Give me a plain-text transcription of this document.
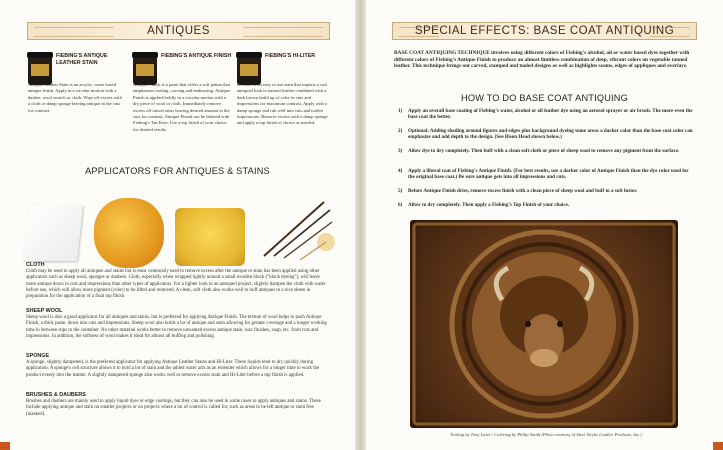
ANTIQUES
FIEBING'S ANTIQUE LEATHER STAIN
Antique Leather Stain is an acrylic, water based antique finish. Apply in a circular motion with a dauber, wool swatch or cloth. Wipe off excess with a cloth or damp sponge leaving antique in the cuts for contrast.
FIEBING'S ANTIQUE FINISH
Antique Finish is a paste that offers a soft patina that emphasizes tooling, carving and embossing. Antique Finish is applied boldly in a circular motion with a dry piece of wool or cloth. Immediately remove excess off raised areas leaving desired amount in the cuts for contrast. Antique Finish can be thinned with Fiebing's Tan Kote. Use a top finish of your choice for desired results.
FIEBING'S HI-LITER
Hi-Liter is an easy to use stain that imparts a soft antiqued look to natural leather combined with a dark brown build up of color in cuts and impressions for maximum contrast. Apply with a damp sponge and rub well into cuts and tooled impressions. Remove excess with a damp sponge and apply a top finish of choice as needed.
APPLICATORS FOR ANTIQUES & STAINS
CLOTH
Cloth may be used to apply all antiques and stains but is most commonly used to remove excess after the antique or stain has been applied using other applicators such as sheep wool, sponges or daubers. Cloth, especially when wrapped tightly around a small wooden block ("block dyeing"), will leave more antique down in cuts and impressions than other types of applicators. For a lighter look to an antiqued project, slightly dampen the cloth with water before use, which will allow more pigment (color) to be lifted and removed. A clean, soft cloth also works well to buff antiques to a nice sheen in preparation for the application of a final top finish.
SHEEP WOOL
Sheep wool is also a good applicator for all antiques and stains, but is preferred for applying Antique Finish. The texture of wool helps to push Antique Finish, a thick paste, down into cuts and impressions. Sheep wool also holds a lot of antique and stain allowing for greater coverage and a longer working time in between trips to the container. No other material works better to remove unwanted excess antique stain, wax finishes, soap, etc. from cuts and impressions. In addition, the softness of wool makes it ideal for almost all buffing and polishing.
SPONGE
A sponge, slightly dampened, is the preferred applicator for applying Antique Leather Stains and Hi-Liter. These liquids tend to dry quickly during application. A sponge's cell structure allows it to hold a lot of stain and the added water acts as an extender which allows for a longer time to work the product evenly into the leather. A slightly dampened sponge also works well to remove excess stain and Hi-Liter before a top finish is applied.
BRUSHES & DAUBERS
Brushes and daubers are mainly used to apply liquid dyes or edge coatings, but they can also be used in some cases to apply antiques and stains. These include applying antique and stain on smaller projects or on projects where a lot of control is called for, such as areas to be left antique or stain free (masked).
SPECIAL EFFECTS: BASE COAT ANTIQUING
BASE COAT ANTIQUING TECHNIQUE involves using different colors of Fiebing's alcohol, oil or water based dyes together with different colors of Fiebing's Antique Finish to produce an almost limitless combination of deep, vibrant colors on vegetable tanned leather. This technique brings out carved, stamped and tooled designs as well as highlights seams, edges of appliques and overlays.
HOW TO DO BASE COAT ANTIQUING
1) Apply an overall base coating of Fiebing's water, alcohol or oil leather dye using an aerosol sprayer or air brush. The more even the base coat the better.
2) Optional: Adding shading around figures and edges plus background dyeing some areas a darker color than the base coat color can emphasize and add depth to the design. (See Bison Head shown below.)
3) Allow dye to dry completely. Then buff with a clean soft cloth or piece of sheep wool to remove any pigment from the surface.
4) Apply a liberal coat of Fiebing's Antique Finish. (For best results, use a darker color of Antique Finish than the dye color used for the original base coat.) Be sure antique gets into all impressions and cuts.
5) Before Antique Finish dries, remove excess finish with a clean piece of sheep wool and buff to a soft luster.
6) Allow to dry completely. Then apply a Fiebing's Top Finish of your choice.
Tooling by Tony Laier / Coloring by Philip Smith (Photo courtesy of Steel Stryke Leather Products, Inc.)
